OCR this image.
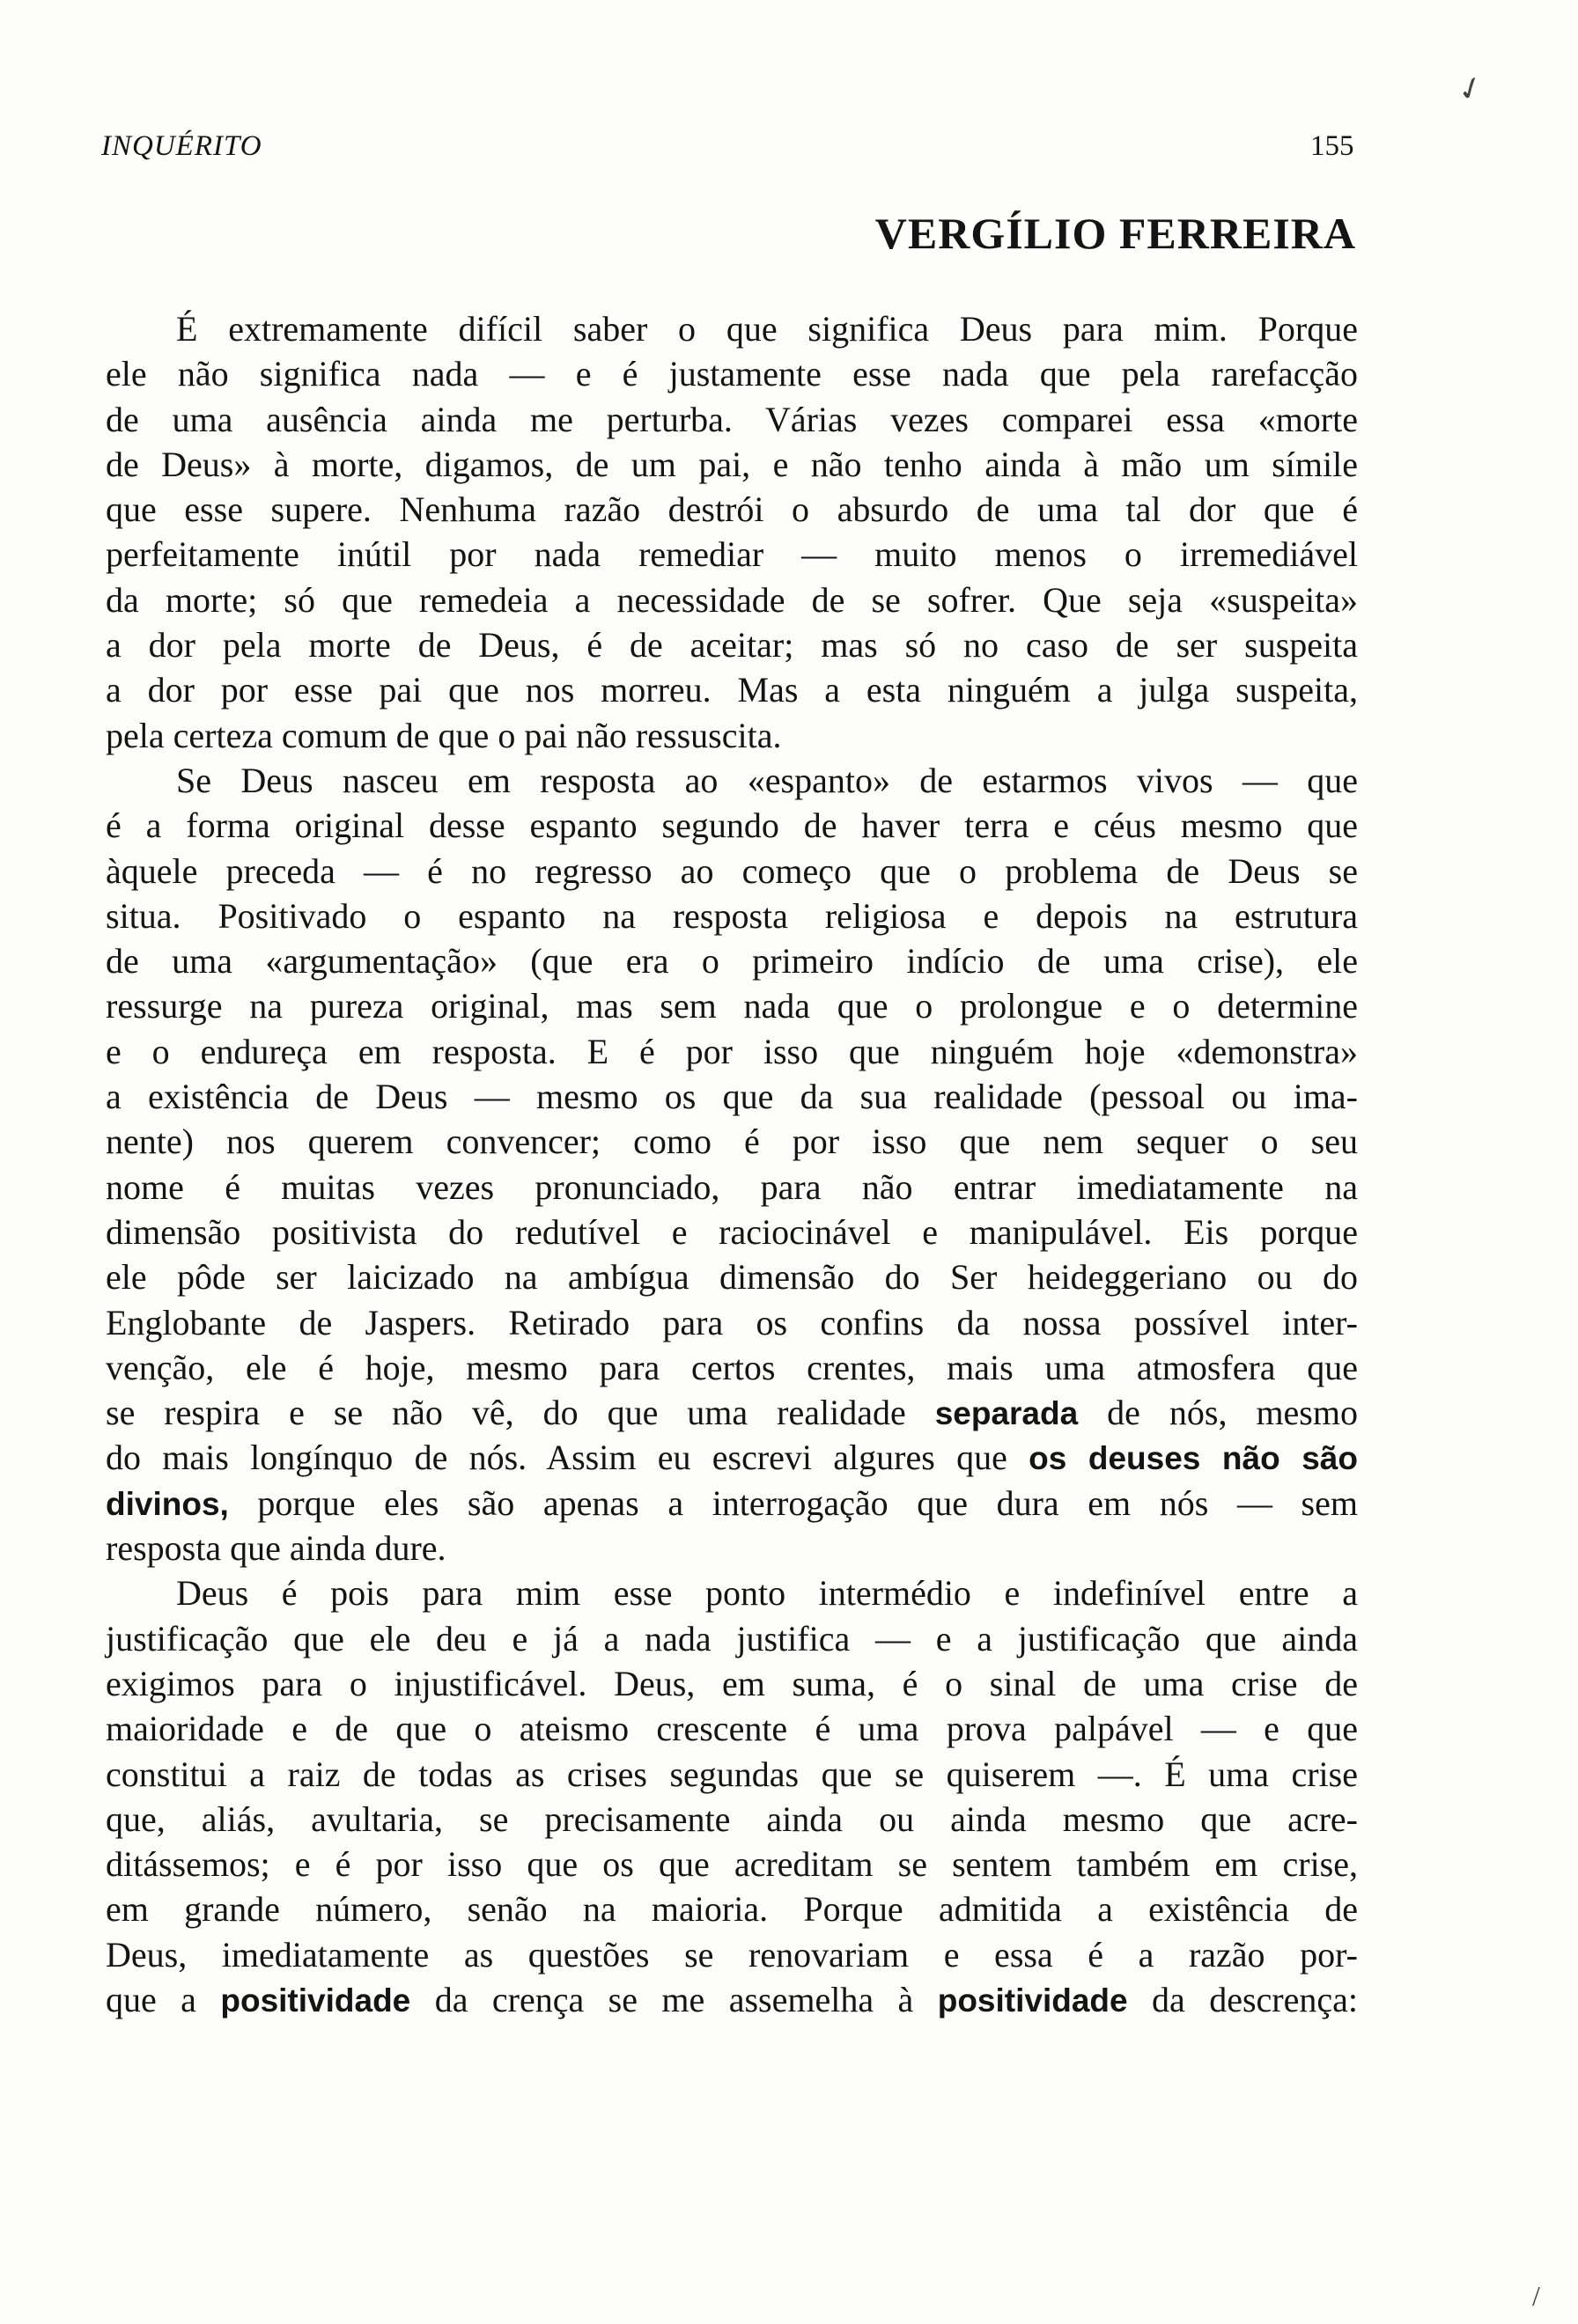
✓
INQUÉRITO	155
VERGÍLIO FERREIRA
É extremamente difícil saber o que significa Deus para mim. Porque
ele não significa nada — e é justamente esse nada que pela rarefacção
de uma ausência ainda me perturba. Várias vezes comparei essa «morte
de Deus» à morte, digamos, de um pai, e não tenho ainda à mão um símile
que esse supere. Nenhuma razão destrói o absurdo de uma tal dor que é
perfeitamente inútil por nada remediar — muito menos o irremediável
da morte; só que remedeia a necessidade de se sofrer. Que seja «suspeita»
a dor pela morte de Deus, é de aceitar; mas só no caso de ser suspeita
a dor por esse pai que nos morreu. Mas a esta ninguém a julga suspeita,
pela certeza comum de que o pai não ressuscita.
Se Deus nasceu em resposta ao «espanto» de estarmos vivos — que
é a forma original desse espanto segundo de haver terra e céus mesmo que
àquele preceda — é no regresso ao começo que o problema de Deus se
situa. Positivado o espanto na resposta religiosa e depois na estrutura
de uma «argumentação» (que era o primeiro indício de uma crise), ele
ressurge na pureza original, mas sem nada que o prolongue e o determine
e o endureça em resposta. E é por isso que ninguém hoje «demonstra»
a existência de Deus — mesmo os que da sua realidade (pessoal ou ima-
nente) nos querem convencer; como é por isso que nem sequer o seu
nome é muitas vezes pronunciado, para não entrar imediatamente na
dimensão positivista do redutível e raciocinável e manipulável. Eis porque
ele pôde ser laicizado na ambígua dimensão do Ser heideggeriano ou do
Englobante de Jaspers. Retirado para os confins da nossa possível inter-
venção, ele é hoje, mesmo para certos crentes, mais uma atmosfera que
se respira e se não vê, do que uma realidade separada de nós, mesmo
do mais longínquo de nós. Assim eu escrevi algures que os deuses não são
divinos, porque eles são apenas a interrogação que dura em nós — sem
resposta que ainda dure.
Deus é pois para mim esse ponto intermédio e indefinível entre a
justificação que ele deu e já a nada justifica — e a justificação que ainda
exigimos para o injustificável. Deus, em suma, é o sinal de uma crise de
maioridade e de que o ateismo crescente é uma prova palpável — e que
constitui a raiz de todas as crises segundas que se quiserem —. É uma crise
que, aliás, avultaria, se precisamente ainda ou ainda mesmo que acre-
ditássemos; e é por isso que os que acreditam se sentem também em crise,
em grande número, senão na maioria. Porque admitida a existência de
Deus, imediatamente as questões se renovariam e essa é a razão por-
que a positividade da crença se me assemelha à positividade da descrença:
/
